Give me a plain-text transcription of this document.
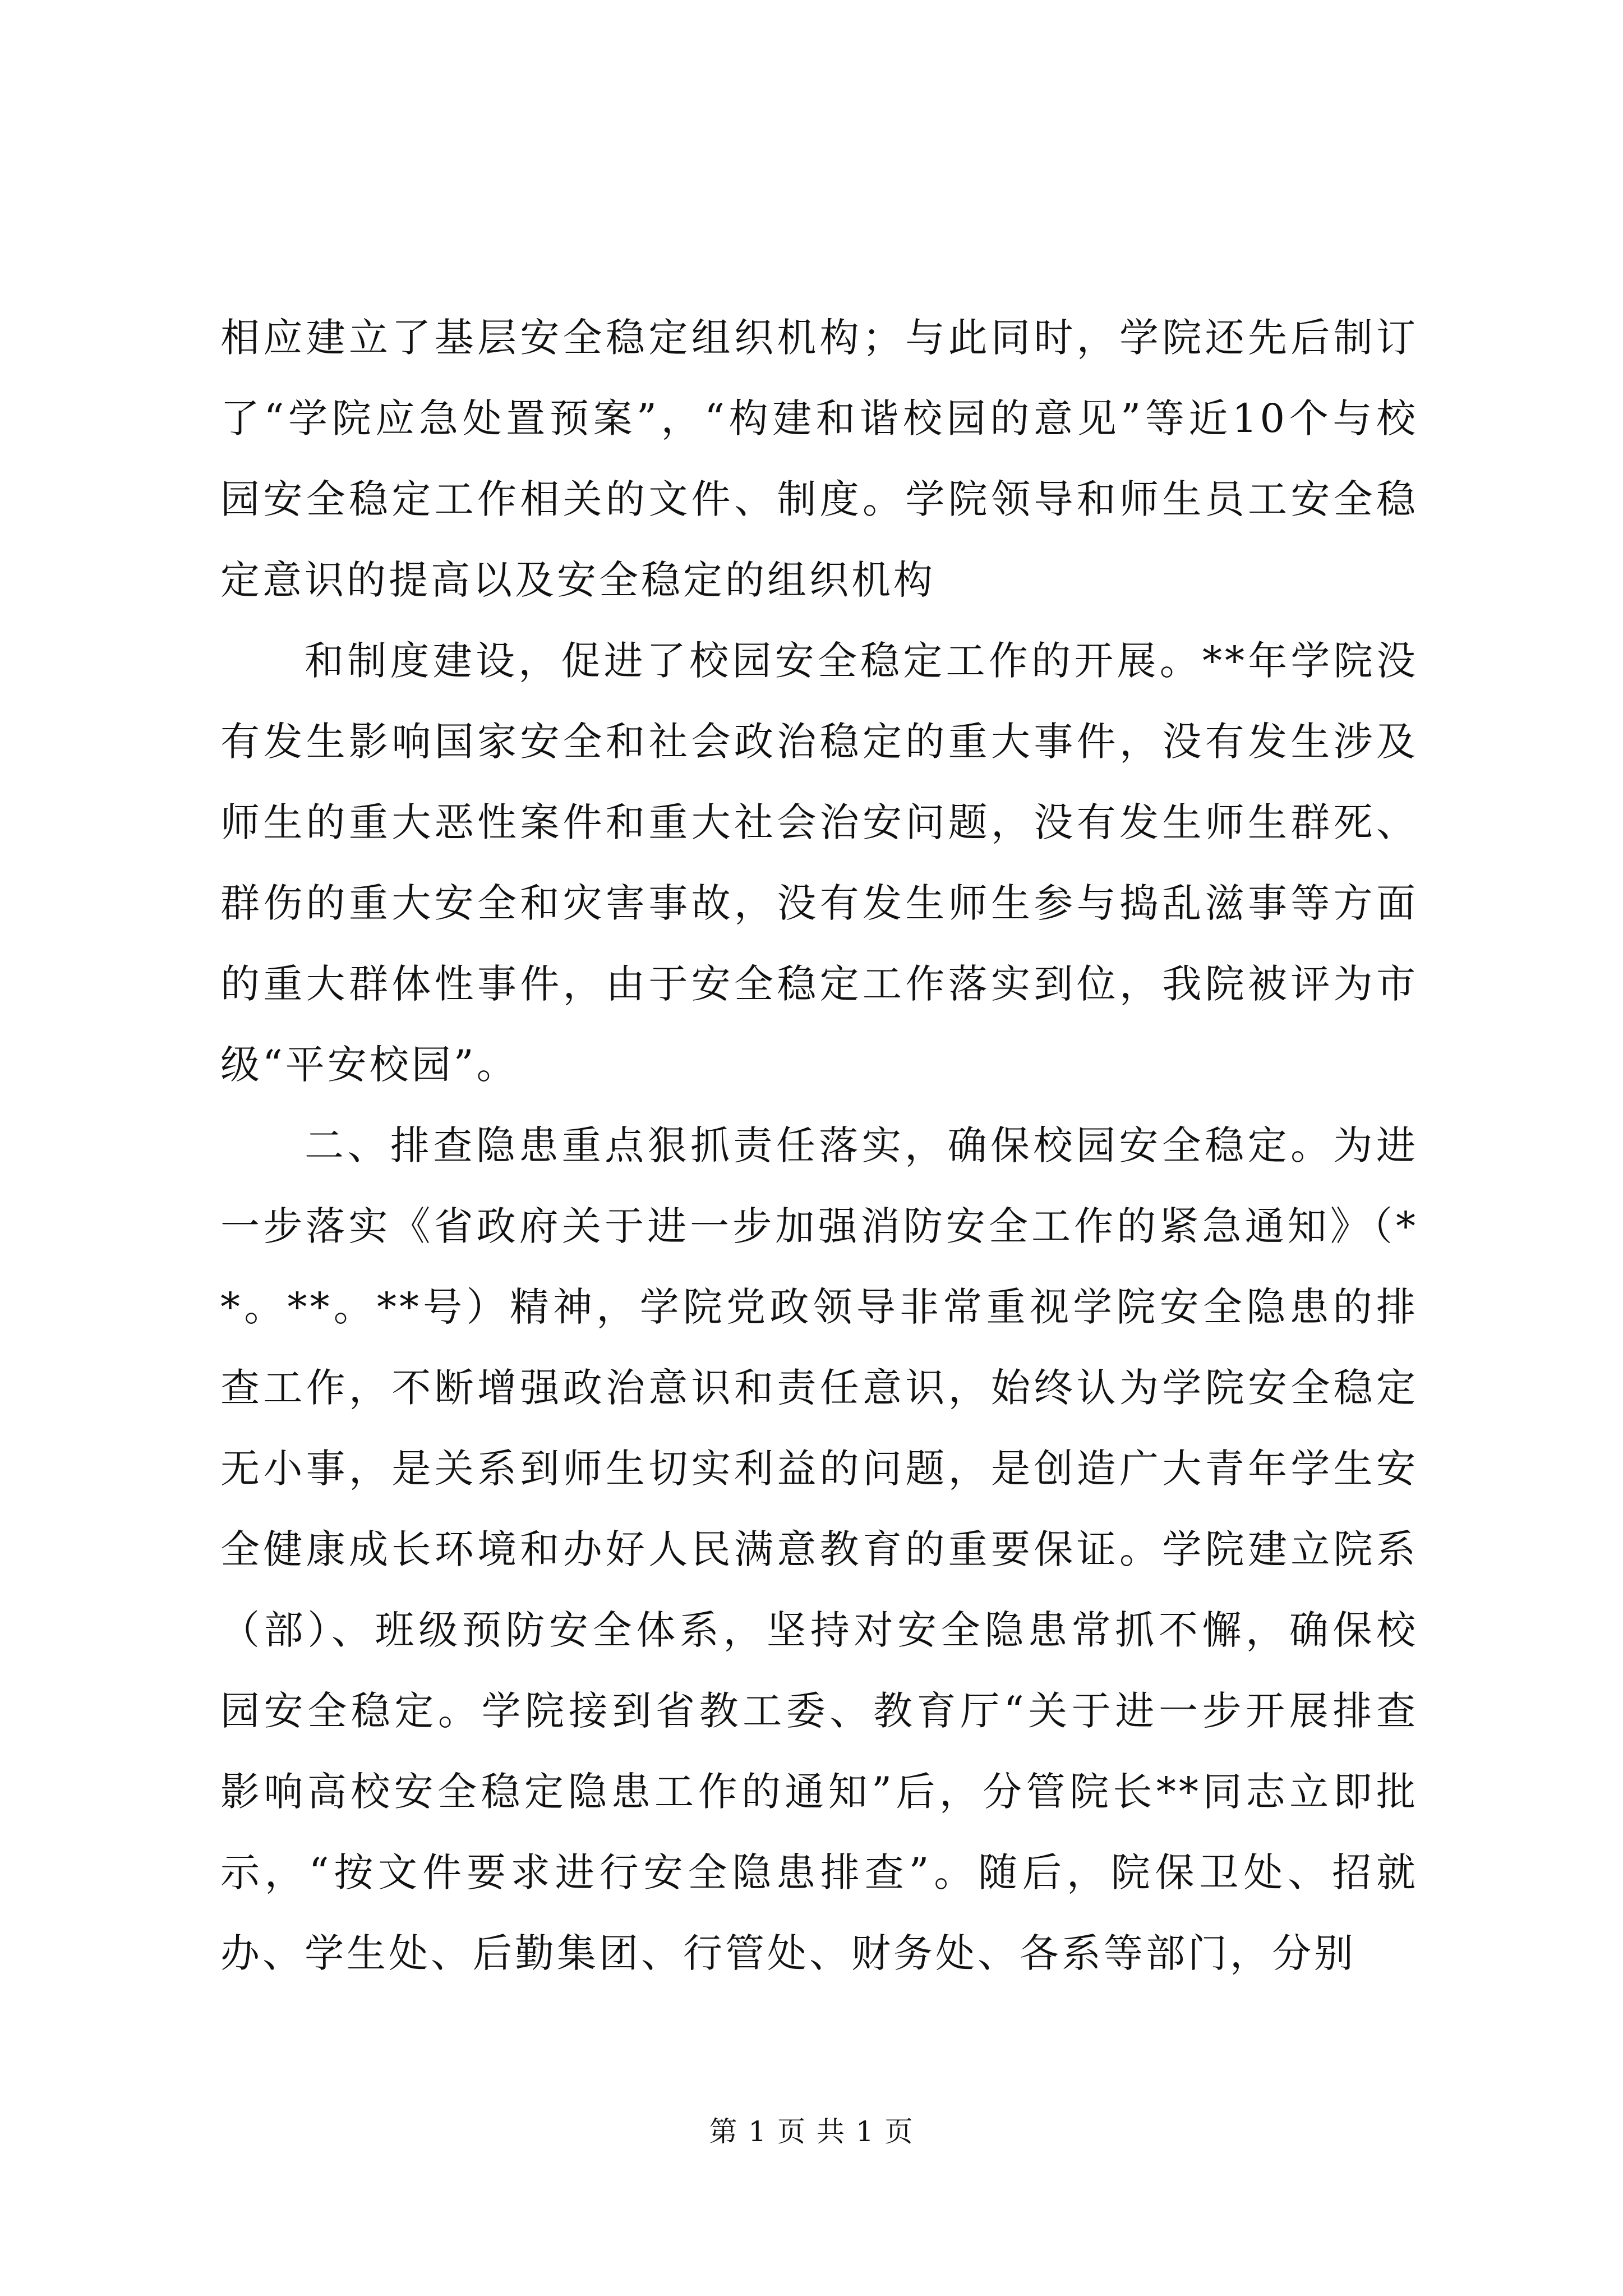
相应建立了基层安全稳定组织机构；与此同时，学院还先后制订了“学院应急处置预案”，“构建和谐校园的意见”等近10个与校园安全稳定工作相关的文件、制度。学院领导和师生员工安全稳定意识的提高以及安全稳定的组织机构

和制度建设，促进了校园安全稳定工作的开展。**年学院没有发生影响国家安全和社会政治稳定的重大事件，没有发生涉及师生的重大恶性案件和重大社会治安问题，没有发生师生群死、群伤的重大安全和灾害事故，没有发生师生参与捣乱滋事等方面的重大群体性事件，由于安全稳定工作落实到位，我院被评为市级“平安校园”。

二、排查隐患重点狠抓责任落实，确保校园安全稳定。为进一步落实《省政府关于进一步加强消防安全工作的紧急通知》（**。**。**号）精神，学院党政领导非常重视学院安全隐患的排查工作，不断增强政治意识和责任意识，始终认为学院安全稳定无小事，是关系到师生切实利益的问题，是创造广大青年学生安全健康成长环境和办好人民满意教育的重要保证。学院建立院系（部）、班级预防安全体系，坚持对安全隐患常抓不懈，确保校园安全稳定。学院接到省教工委、教育厅“关于进一步开展排查影响高校安全稳定隐患工作的通知”后，分管院长**同志立即批示，“按文件要求进行安全隐患排查”。随后，院保卫处、招就办、学生处、后勤集团、行管处、财务处、各系等部门，分别

第 1 页 共 1 页
